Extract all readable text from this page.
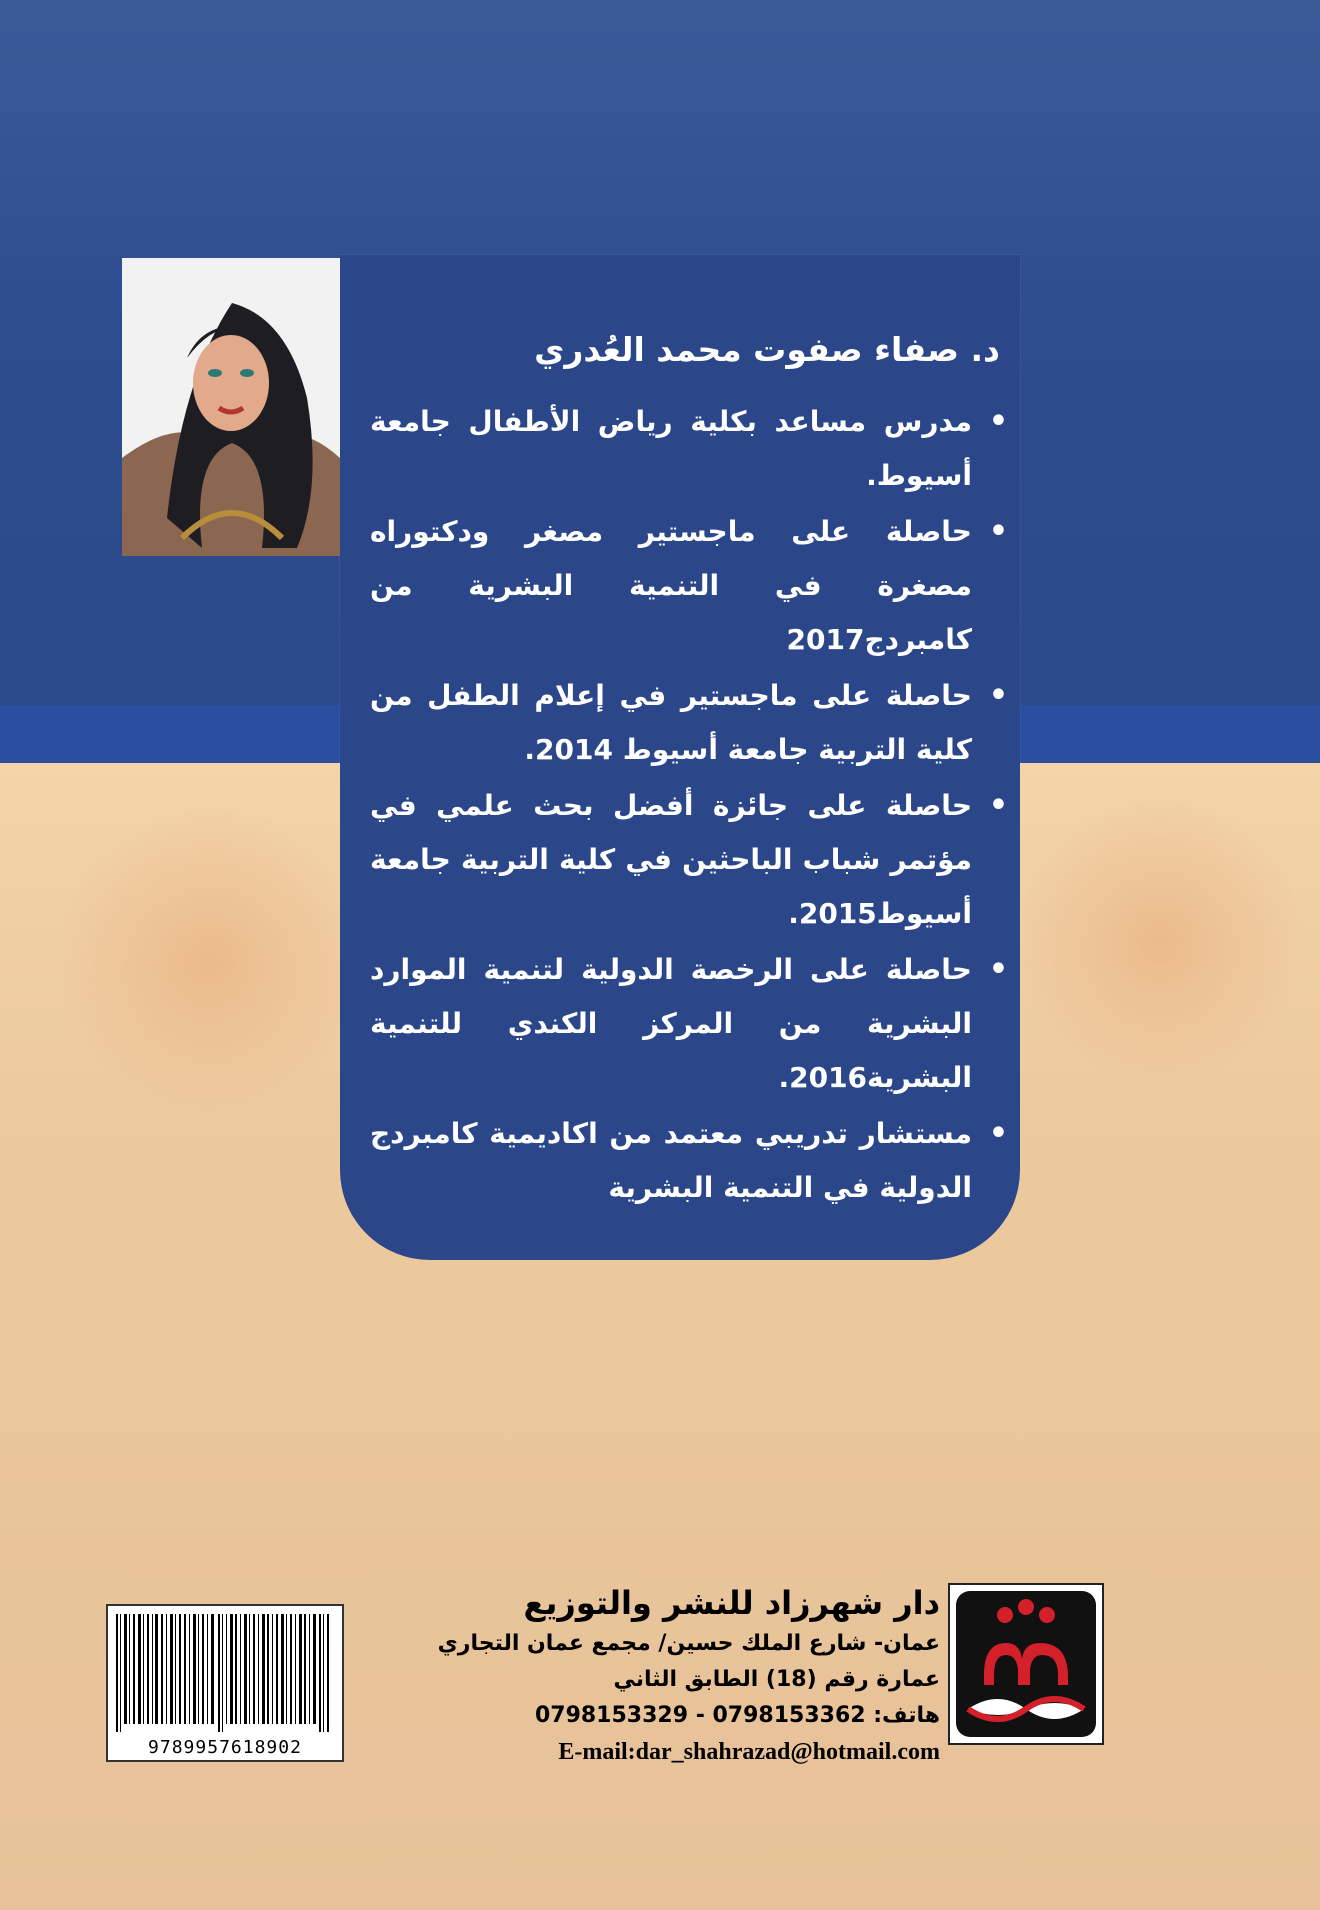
د. صفاء صفوت محمد العُدري
• مدرس مساعد بكلية رياض الأطفال جامعة أسيوط.
• حاصلة على ماجستير مصغر ودكتوراه مصغرة في التنمية البشرية من كامبردج2017
• حاصلة على ماجستير في إعلام الطفل من كلية التربية جامعة أسيوط 2014.
• حاصلة على جائزة أفضل بحث علمي في مؤتمر شباب الباحثين في كلية التربية جامعة أسيوط2015.
• حاصلة على الرخصة الدولية لتنمية الموارد البشرية من المركز الكندي للتنمية البشرية2016.
• مستشار تدريبي معتمد من اكاديمية كامبردج الدولية في التنمية البشرية
دار شهرزاد للنشر والتوزيع
عمان- شارع الملك حسين/ مجمع عمان التجاري
عمارة رقم (18) الطابق الثاني
هاتف: 0798153362 - 0798153329
E-mail:dar_shahrazad@hotmail.com
9789957618902
